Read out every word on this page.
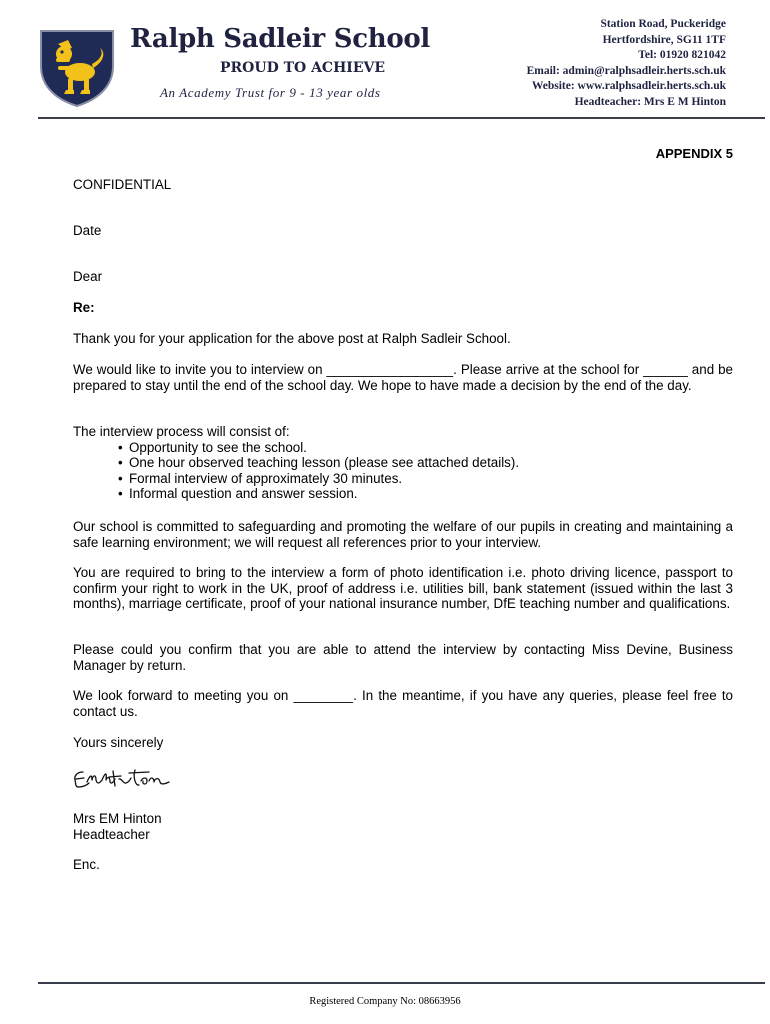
Ralph Sadleir School
PROUD TO ACHIEVE
An Academy Trust for 9 - 13 year olds
Station Road, Puckeridge
Hertfordshire, SG11 1TF
Tel: 01920 821042
Email: admin@ralphsadleir.herts.sch.uk
Website: www.ralphsadleir.herts.sch.uk
Headteacher: Mrs E M Hinton
APPENDIX 5
CONFIDENTIAL
Date
Dear
Re:
Thank you for your application for the above post at Ralph Sadleir School.
We would like to invite you to interview on _________________. Please arrive at the school for ______ and be prepared to stay until the end of the school day. We hope to have made a decision by the end of the day.
The interview process will consist of:
• Opportunity to see the school.
• One hour observed teaching lesson (please see attached details).
• Formal interview of approximately 30 minutes.
• Informal question and answer session.
Our school is committed to safeguarding and promoting the welfare of our pupils in creating and maintaining a safe learning environment; we will request all references prior to your interview.
You are required to bring to the interview a form of photo identification i.e. photo driving licence, passport to confirm your right to work in the UK, proof of address i.e. utilities bill, bank statement (issued within the last 3 months), marriage certificate, proof of your national insurance number, DfE teaching number and qualifications.
Please could you confirm that you are able to attend the interview by contacting Miss Devine, Business Manager by return.
We look forward to meeting you on ________. In the meantime, if you have any queries, please feel free to contact us.
Yours sincerely
Mrs EM Hinton
Headteacher
Enc.
Registered Company No: 08663956
